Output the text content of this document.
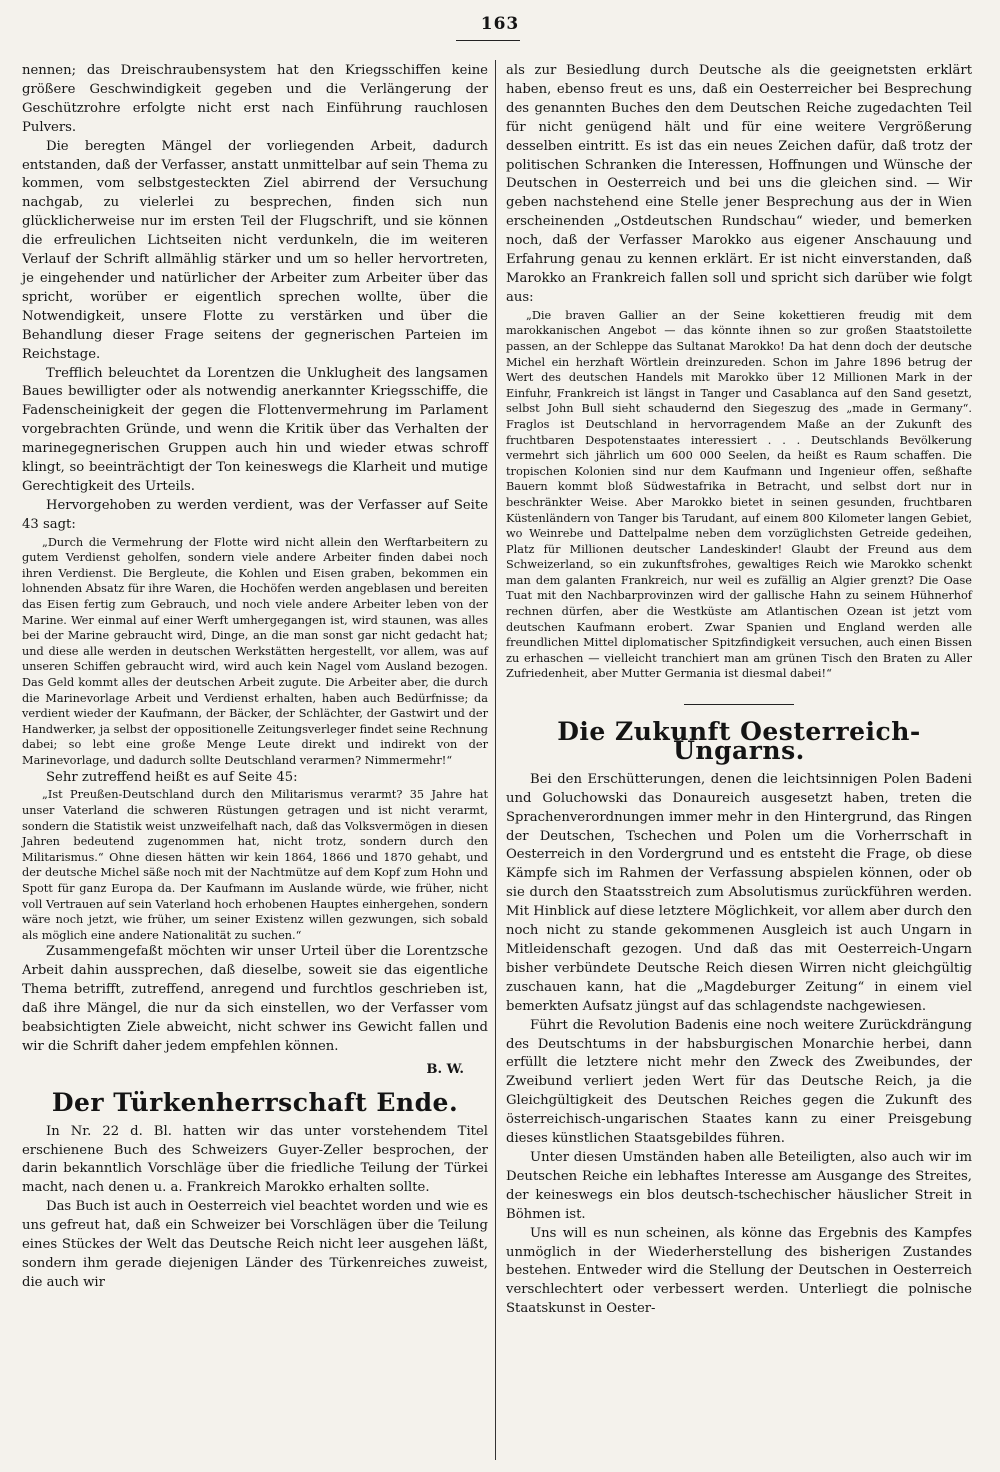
163

nennen; das Dreischraubensystem hat den Kriegsschiffen keine größere Geschwindigkeit gegeben und die Verlängerung der Geschützrohre erfolgte nicht erst nach Einführung rauchlosen Pulvers.

Die beregten Mängel der vorliegenden Arbeit, dadurch entstanden, daß der Verfasser, anstatt unmittelbar auf sein Thema zu kommen, vom selbstgesteckten Ziel abirrend der Versuchung nachgab, zu vielerlei zu besprechen, finden sich nun glücklicherweise nur im ersten Teil der Flugschrift, und sie können die erfreulichen Lichtseiten nicht verdunkeln, die im weiteren Verlauf der Schrift allmählig stärker und um so heller hervortreten, je eingehender und natürlicher der Arbeiter zum Arbeiter über das spricht, worüber er eigentlich sprechen wollte, über die Notwendigkeit, unsere Flotte zu verstärken und über die Behandlung dieser Frage seitens der gegnerischen Parteien im Reichstage.

Trefflich beleuchtet da Lorentzen die Unklugheit des langsamen Baues bewilligter oder als notwendig anerkannter Kriegsschiffe, die Fadenscheinigkeit der gegen die Flottenvermehrung im Parlament vorgebrachten Gründe, und wenn die Kritik über das Verhalten der marinegegnerischen Gruppen auch hin und wieder etwas schroff klingt, so beeinträchtigt der Ton keineswegs die Klarheit und mutige Gerechtigkeit des Urteils.

Hervorgehoben zu werden verdient, was der Verfasser auf Seite 43 sagt:

„Durch die Vermehrung der Flotte wird nicht allein den Werftarbeitern zu gutem Verdienst geholfen, sondern viele andere Arbeiter finden dabei noch ihren Verdienst. Die Bergleute, die Kohlen und Eisen graben, bekommen ein lohnenden Absatz für ihre Waren, die Hochöfen werden angeblasen und bereiten das Eisen fertig zum Gebrauch, und noch viele andere Arbeiter leben von der Marine. Wer einmal auf einer Werft umhergegangen ist, wird staunen, was alles bei der Marine gebraucht wird, Dinge, an die man sonst gar nicht gedacht hat; und diese alle werden in deutschen Werkstätten hergestellt, vor allem, was auf unseren Schiffen gebraucht wird, wird auch kein Nagel vom Ausland bezogen. Das Geld kommt alles der deutschen Arbeit zugute. Die Arbeiter aber, die durch die Marinevorlage Arbeit und Verdienst erhalten, haben auch Bedürfnisse; da verdient wieder der Kaufmann, der Bäcker, der Schlächter, der Gastwirt und der Handwerker, ja selbst der oppositionelle Zeitungsverleger findet seine Rechnung dabei; so lebt eine große Menge Leute direkt und indirekt von der Marinevorlage, und dadurch sollte Deutschland verarmen? Nimmermehr!“

Sehr zutreffend heißt es auf Seite 45:

„Ist Preußen-Deutschland durch den Militarismus verarmt? 35 Jahre hat unser Vaterland die schweren Rüstungen getragen und ist nicht verarmt, sondern die Statistik weist unzweifelhaft nach, daß das Volksvermögen in diesen Jahren bedeutend zugenommen hat, nicht trotz, sondern durch den Militarismus.“ Ohne diesen hätten wir kein 1864, 1866 und 1870 gehabt, und der deutsche Michel säße noch mit der Nachtmütze auf dem Kopf zum Hohn und Spott für ganz Europa da. Der Kaufmann im Auslande würde, wie früher, nicht voll Vertrauen auf sein Vaterland hoch erhobenen Hauptes einhergehen, sondern wäre noch jetzt, wie früher, um seiner Existenz willen gezwungen, sich sobald als möglich eine andere Nationalität zu suchen.“

Zusammengefaßt möchten wir unser Urteil über die Lorentzsche Arbeit dahin aussprechen, daß dieselbe, soweit sie das eigentliche Thema betrifft, zutreffend, anregend und furchtlos geschrieben ist, daß ihre Mängel, die nur da sich einstellen, wo der Verfasser vom beabsichtigten Ziele abweicht, nicht schwer ins Gewicht fallen und wir die Schrift daher jedem empfehlen können.

B. W.
Der Türkenherrschaft Ende.

In Nr. 22 d. Bl. hatten wir das unter vorstehendem Titel erschienene Buch des Schweizers Guyer-Zeller besprochen, der darin bekanntlich Vorschläge über die friedliche Teilung der Türkei macht, nach denen u. a. Frankreich Marokko erhalten sollte.

Das Buch ist auch in Oesterreich viel beachtet worden und wie es uns gefreut hat, daß ein Schweizer bei Vorschlägen über die Teilung eines Stückes der Welt das Deutsche Reich nicht leer ausgehen läßt, sondern ihm gerade diejenigen Länder des Türkenreiches zuweist, die auch wir

als zur Besiedlung durch Deutsche als die geeignetsten erklärt haben, ebenso freut es uns, daß ein Oesterreicher bei Besprechung des genannten Buches den dem Deutschen Reiche zugedachten Teil für nicht genügend hält und für eine weitere Vergrößerung desselben eintritt. Es ist das ein neues Zeichen dafür, daß trotz der politischen Schranken die Interessen, Hoffnungen und Wünsche der Deutschen in Oesterreich und bei uns die gleichen sind. — Wir geben nachstehend eine Stelle jener Besprechung aus der in Wien erscheinenden „Ostdeutschen Rundschau“ wieder, und bemerken noch, daß der Verfasser Marokko aus eigener Anschauung und Erfahrung genau zu kennen erklärt. Er ist nicht einverstanden, daß Marokko an Frankreich fallen soll und spricht sich darüber wie folgt aus:

„Die braven Gallier an der Seine kokettieren freudig mit dem marokkanischen Angebot — das könnte ihnen so zur großen Staatstoilette passen, an der Schleppe das Sultanat Marokko! Da hat denn doch der deutsche Michel ein herzhaft Wörtlein dreinzureden. Schon im Jahre 1896 betrug der Wert des deutschen Handels mit Marokko über 12 Millionen Mark in der Einfuhr, Frankreich ist längst in Tanger und Casablanca auf den Sand gesetzt, selbst John Bull sieht schaudernd den Siegeszug des „made in Germany“. Fraglos ist Deutschland in hervorragendem Maße an der Zukunft des fruchtbaren Despotenstaates interessiert . . . Deutschlands Bevölkerung vermehrt sich jährlich um 600 000 Seelen, da heißt es Raum schaffen. Die tropischen Kolonien sind nur dem Kaufmann und Ingenieur offen, seßhafte Bauern kommt bloß Südwestafrika in Betracht, und selbst dort nur in beschränkter Weise. Aber Marokko bietet in seinen gesunden, fruchtbaren Küstenländern von Tanger bis Tarudant, auf einem 800 Kilometer langen Gebiet, wo Weinrebe und Dattelpalme neben dem vorzüglichsten Getreide gedeihen, Platz für Millionen deutscher Landeskinder! Glaubt der Freund aus dem Schweizerland, so ein zukunftsfrohes, gewaltiges Reich wie Marokko schenkt man dem galanten Frankreich, nur weil es zufällig an Algier grenzt? Die Oase Tuat mit den Nachbarprovinzen wird der gallische Hahn zu seinem Hühnerhof rechnen dürfen, aber die Westküste am Atlantischen Ozean ist jetzt vom deutschen Kaufmann erobert. Zwar Spanien und England werden alle freundlichen Mittel diplomatischer Spitzfindigkeit versuchen, auch einen Bissen zu erhaschen — vielleicht tranchiert man am grünen Tisch den Braten zu Aller Zufriedenheit, aber Mutter Germania ist diesmal dabei!“

Die Zukunft Oesterreich-Ungarns.

Bei den Erschütterungen, denen die leichtsinnigen Polen Badeni und Goluchowski das Donaureich ausgesetzt haben, treten die Sprachenverordnungen immer mehr in den Hintergrund, das Ringen der Deutschen, Tschechen und Polen um die Vorherrschaft in Oesterreich in den Vordergrund und es entsteht die Frage, ob diese Kämpfe sich im Rahmen der Verfassung abspielen können, oder ob sie durch den Staatsstreich zum Absolutismus zurückführen werden. Mit Hinblick auf diese letztere Möglichkeit, vor allem aber durch den noch nicht zu stande gekommenen Ausgleich ist auch Ungarn in Mitleidenschaft gezogen. Und daß das mit Oesterreich-Ungarn bisher verbündete Deutsche Reich diesen Wirren nicht gleichgültig zuschauen kann, hat die „Magdeburger Zeitung“ in einem viel bemerkten Aufsatz jüngst auf das schlagendste nachgewiesen.

Führt die Revolution Badenis eine noch weitere Zurückdrängung des Deutschtums in der habsburgischen Monarchie herbei, dann erfüllt die letztere nicht mehr den Zweck des Zweibundes, der Zweibund verliert jeden Wert für das Deutsche Reich, ja die Gleichgültigkeit des Deutschen Reiches gegen die Zukunft des österreichisch-ungarischen Staates kann zu einer Preisgebung dieses künstlichen Staatsgebildes führen.

Unter diesen Umständen haben alle Beteiligten, also auch wir im Deutschen Reiche ein lebhaftes Interesse am Ausgange des Streites, der keineswegs ein blos deutsch-tschechischer häuslicher Streit in Böhmen ist.

Uns will es nun scheinen, als könne das Ergebnis des Kampfes unmöglich in der Wiederherstellung des bisherigen Zustandes bestehen. Entweder wird die Stellung der Deutschen in Oesterreich verschlechtert oder verbessert werden. Unterliegt die polnische Staatskunst in Oester-
